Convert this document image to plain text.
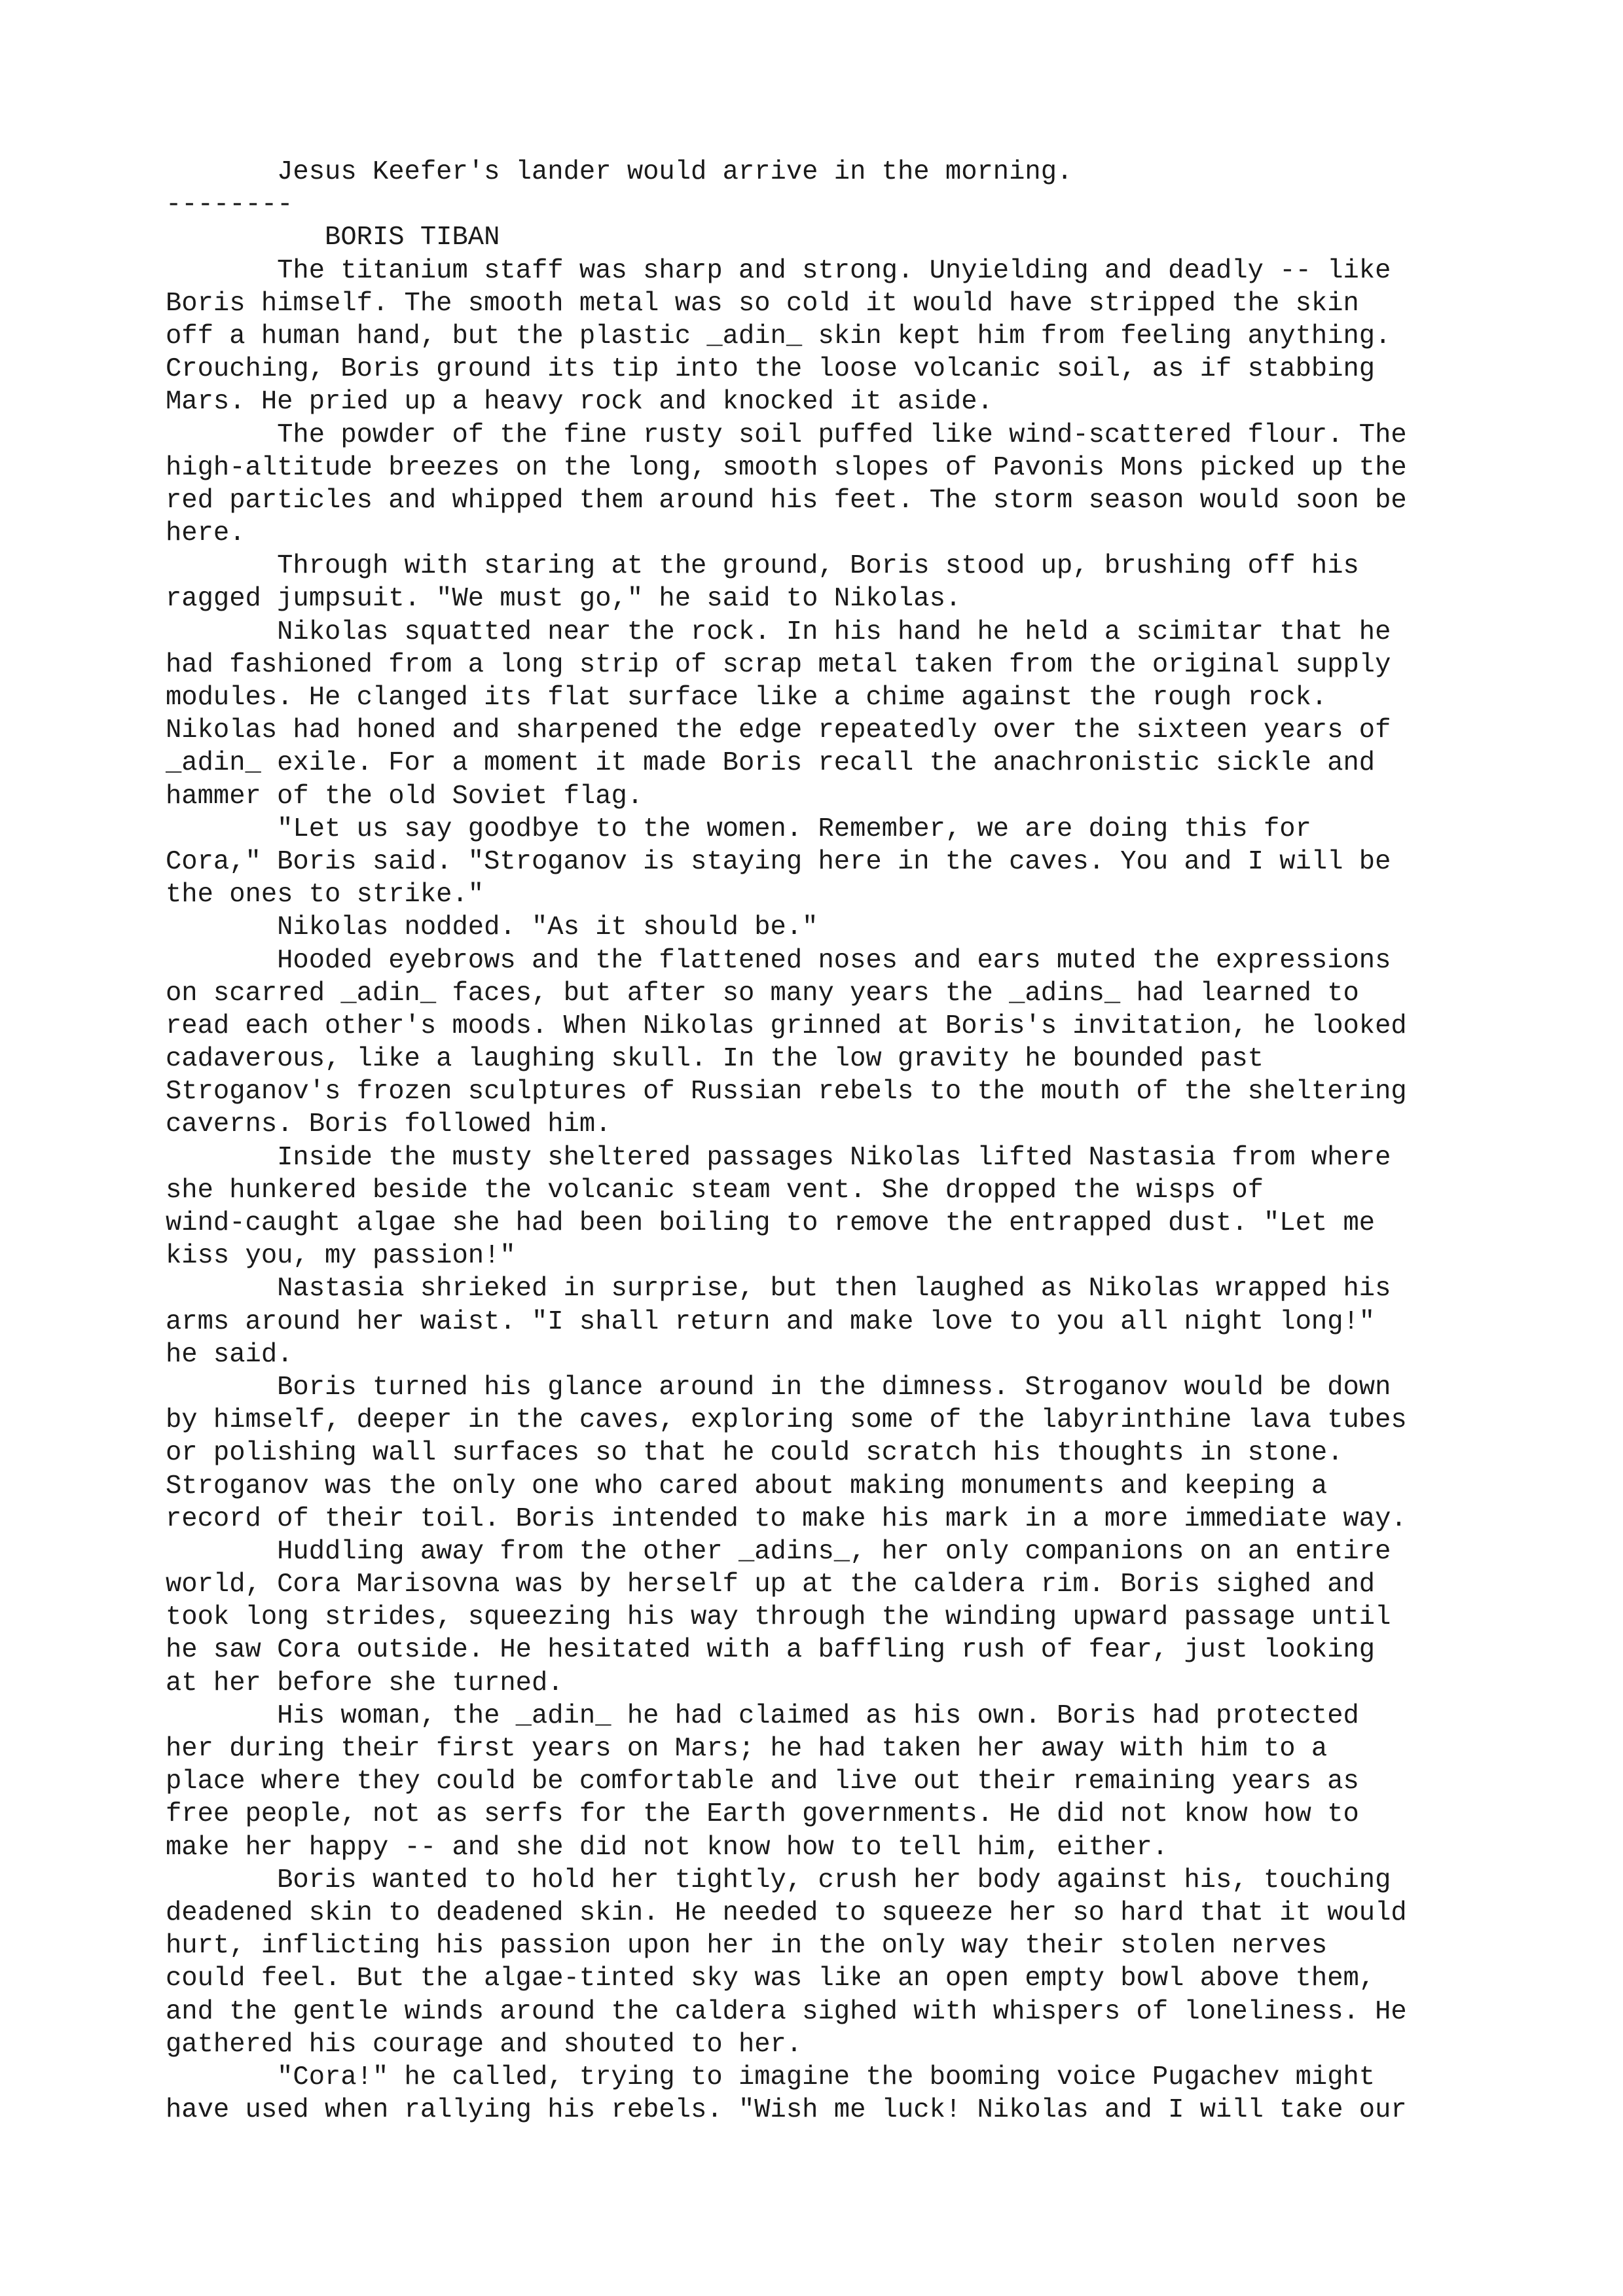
Jesus Keefer's lander would arrive in the morning.
--------
BORIS TIBAN
The titanium staff was sharp and strong. Unyielding and deadly -- like
Boris himself. The smooth metal was so cold it would have stripped the skin
off a human hand, but the plastic _adin_ skin kept him from feeling anything.
Crouching, Boris ground its tip into the loose volcanic soil, as if stabbing
Mars. He pried up a heavy rock and knocked it aside.
The powder of the fine rusty soil puffed like wind-scattered flour. The
high-altitude breezes on the long, smooth slopes of Pavonis Mons picked up the
red particles and whipped them around his feet. The storm season would soon be
here.
Through with staring at the ground, Boris stood up, brushing off his
ragged jumpsuit. "We must go," he said to Nikolas.
Nikolas squatted near the rock. In his hand he held a scimitar that he
had fashioned from a long strip of scrap metal taken from the original supply
modules. He clanged its flat surface like a chime against the rough rock.
Nikolas had honed and sharpened the edge repeatedly over the sixteen years of
_adin_ exile. For a moment it made Boris recall the anachronistic sickle and
hammer of the old Soviet flag.
"Let us say goodbye to the women. Remember, we are doing this for
Cora," Boris said. "Stroganov is staying here in the caves. You and I will be
the ones to strike."
Nikolas nodded. "As it should be."
Hooded eyebrows and the flattened noses and ears muted the expressions
on scarred _adin_ faces, but after so many years the _adins_ had learned to
read each other's moods. When Nikolas grinned at Boris's invitation, he looked
cadaverous, like a laughing skull. In the low gravity he bounded past
Stroganov's frozen sculptures of Russian rebels to the mouth of the sheltering
caverns. Boris followed him.
Inside the musty sheltered passages Nikolas lifted Nastasia from where
she hunkered beside the volcanic steam vent. She dropped the wisps of
wind-caught algae she had been boiling to remove the entrapped dust. "Let me
kiss you, my passion!"
Nastasia shrieked in surprise, but then laughed as Nikolas wrapped his
arms around her waist. "I shall return and make love to you all night long!"
he said.
Boris turned his glance around in the dimness. Stroganov would be down
by himself, deeper in the caves, exploring some of the labyrinthine lava tubes
or polishing wall surfaces so that he could scratch his thoughts in stone.
Stroganov was the only one who cared about making monuments and keeping a
record of their toil. Boris intended to make his mark in a more immediate way.
Huddling away from the other _adins_, her only companions on an entire
world, Cora Marisovna was by herself up at the caldera rim. Boris sighed and
took long strides, squeezing his way through the winding upward passage until
he saw Cora outside. He hesitated with a baffling rush of fear, just looking
at her before she turned.
His woman, the _adin_ he had claimed as his own. Boris had protected
her during their first years on Mars; he had taken her away with him to a
place where they could be comfortable and live out their remaining years as
free people, not as serfs for the Earth governments. He did not know how to
make her happy -- and she did not know how to tell him, either.
Boris wanted to hold her tightly, crush her body against his, touching
deadened skin to deadened skin. He needed to squeeze her so hard that it would
hurt, inflicting his passion upon her in the only way their stolen nerves
could feel. But the algae-tinted sky was like an open empty bowl above them,
and the gentle winds around the caldera sighed with whispers of loneliness. He
gathered his courage and shouted to her.
"Cora!" he called, trying to imagine the booming voice Pugachev might
have used when rallying his rebels. "Wish me luck! Nikolas and I will take our
